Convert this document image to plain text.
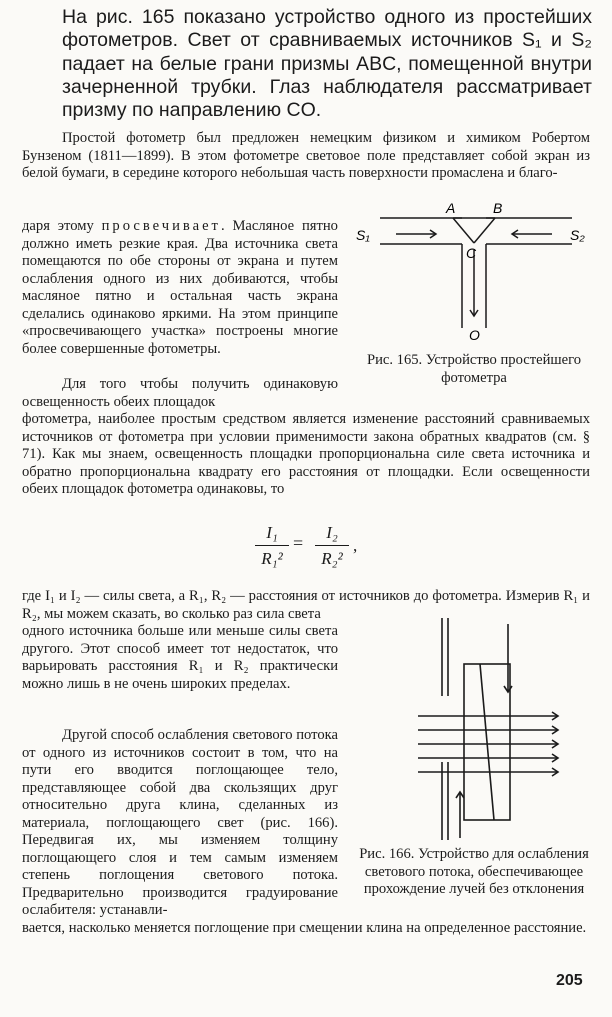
На рис. 165 показано устройство одного из простейших фотометров. Свет от сравниваемых источников S₁ и S₂ падает на белые грани призмы ABC, помещенной внутри зачерненной трубки. Глаз наблюдателя рассматривает призму по направлению CO.

Простой фотометр был предложен немецким физиком и химиком Робертом Бунзеном (1811—1899). В этом фотометре световое поле представляет собой экран из белой бумаги, в середине которого небольшая часть поверхности промаслена и благо-

даря этому просвечивает. Масляное пятно должно иметь резкие края. Два источника света помещаются по обе стороны от экрана и путем ослабления одного из них добиваются, чтобы масляное пятно и остальная часть экрана сделались одинаково яркими. На этом принципе «просвечивающего участка» построены многие более совершенные фотометры.

Для того чтобы получить одинаковую освещенность обеих площадок

фотометра, наиболее простым средством является изменение расстояний сравниваемых источников от фотометра при условии применимости закона обратных квадратов (см. § 71). Как мы знаем, освещенность площадки пропорциональна силе света источника и обратно пропорциональна квадрату его расстояния от площадки. Если освещенности обеих площадок фотометра одинаковы, то

I₁
R₁²
=
I₂
R₂²
,

где I₁ и I₂ — силы света, а R₁, R₂ — расстояния от источников до фотометра. Измерив R₁ и R₂, мы можем сказать, во сколько раз сила света

одного источника больше или меньше силы света другого. Этот способ имеет тот недостаток, что варьировать расстояния R₁ и R₂ практически можно лишь в не очень широких пределах.

Другой способ ослабления светового потока от одного из источников состоит в том, что на пути его вводится поглощающее тело, представляющее собой два скользящих друг относительно друга клина, сделанных из материала, поглощающего свет (рис. 166). Передвигая их, мы изменяем толщину поглощающего слоя и тем самым изменяем степень поглощения светового потока. Предварительно производится градуирование ослабителя: устанавли-

вается, насколько меняется поглощение при смещении клина на определенное расстояние.

A	B
C
S₁	S₂
O

Рис. 165. Устройство простейшего фотометра

Рис. 166. Устройство для ослабления светового потока, обеспечивающее прохождение лучей без отклонения

205
